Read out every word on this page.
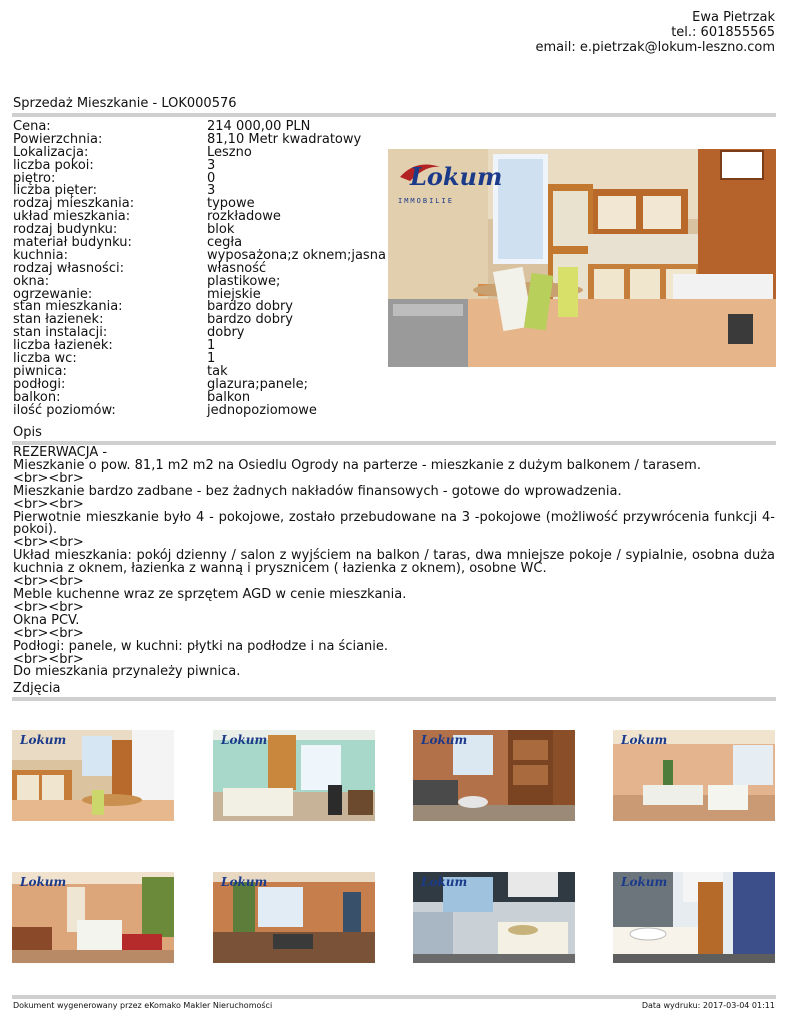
Ewa Pietrzak
tel.: 601855565
email: e.pietrzak@lokum-leszno.com
Sprzedaż Mieszkanie - LOK000576
Cena:	214 000,00 PLN
Powierzchnia:	81,10 Metr kwadratowy
Lokalizacja:	Leszno
liczba pokoi:	3
piętro:	0
liczba pięter:	3
rodzaj mieszkania:	typowe
układ mieszkania:	rozkładowe
rodzaj budynku:	blok
materiał budynku:	cegła
kuchnia:	wyposażona;z oknem;jasna
rodzaj własności:	własność
okna:	plastikowe;
ogrzewanie:	miejskie
stan mieszkania:	bardzo dobry
stan łazienek:	bardzo dobry
stan instalacji:	dobry
liczba łazienek:	1
liczba wc:	1
piwnica:	tak
podłogi:	glazura;panele;
balkon:	balkon
ilość poziomów:	jednopoziomowe
Lokum
IMMOBILIE
Opis
REZERWACJA -
Mieszkanie o pow. 81,1 m2 m2 na Osiedlu Ogrody na parterze - mieszkanie z dużym balkonem / tarasem.
<br><br>
Mieszkanie bardzo zadbane - bez żadnych nakładów finansowych - gotowe do wprowadzenia.
<br><br>
Pierwotnie mieszkanie było 4 - pokojowe, zostało przebudowane na 3 -pokojowe (możliwość przywrócenia funkcji 4-pokoi).
<br><br>
Układ mieszkania: pokój dzienny / salon z wyjściem na balkon / taras, dwa mniejsze pokoje / sypialnie, osobna duża kuchnia z oknem, łazienka z wanną i prysznicem ( łazienka z oknem), osobne WC.
<br><br>
Meble kuchenne wraz ze sprzętem AGD w cenie mieszkania.
<br><br>
Okna PCV.
<br><br>
Podłogi: panele, w kuchni: płytki na podłodze i na ścianie.
<br><br>
Do mieszkania przynależy piwnica.
Zdjęcia
Lokum	Lokum	Lokum	Lokum
Lokum	Lokum	Lokum	Lokum
Dokument wygenerowany przez eKomako Makler Nieruchomości	Data wydruku: 2017-03-04 01:11
